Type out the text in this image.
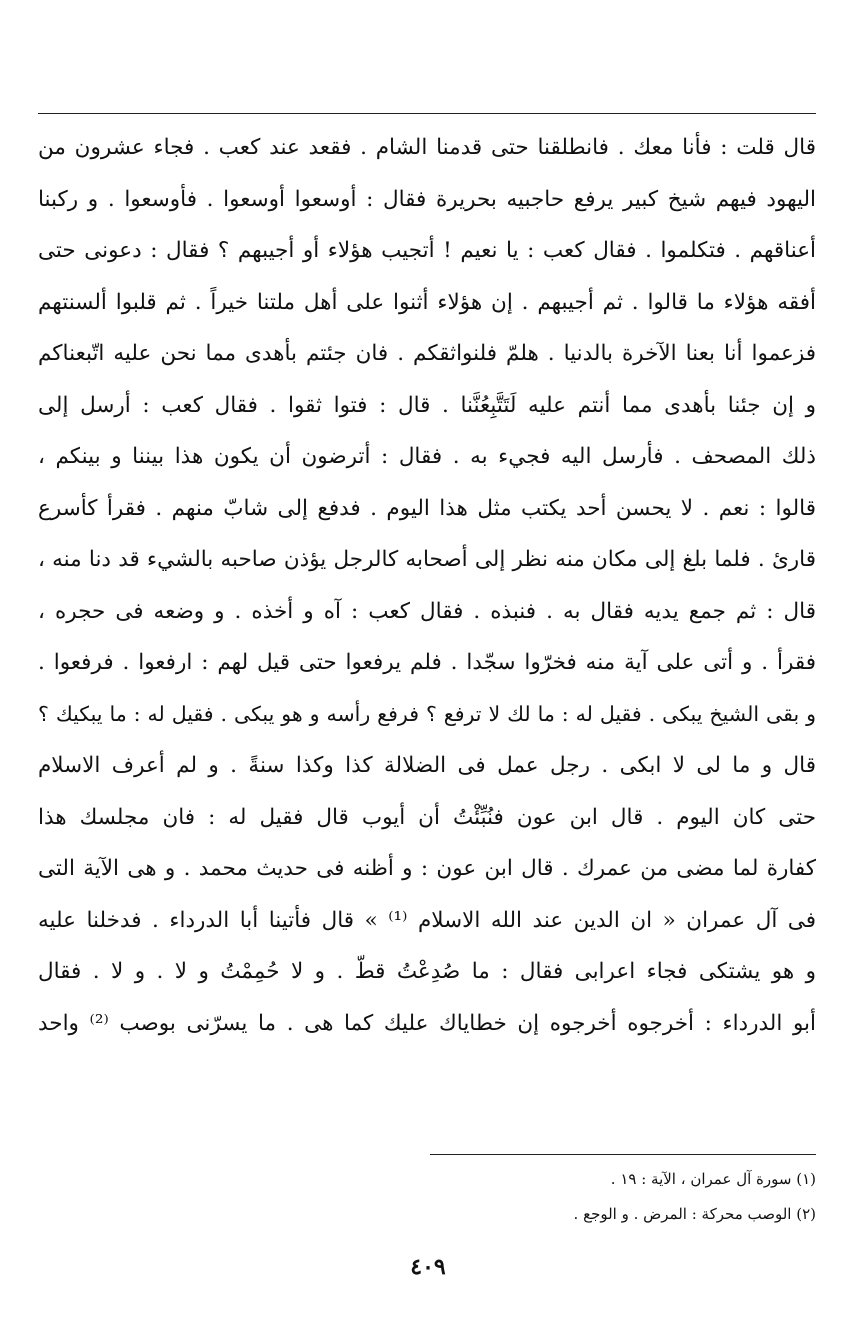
قال قلت : فأنا معك . فانطلقنا حتى قدمنا الشام . فقعد عند كعب . فجاء عشرون من
اليهود فيهم شيخ كبير يرفع حاجبيه بحريرة فقال : أوسعوا أوسعوا . فأوسعوا . و ركبنا
أعناقهم . فتكلموا . فقال كعب : يا نعيم ! أتجيب هؤلاء أو أجيبهم ؟ فقال : دعونى حتى
أفقه هؤلاء ما قالوا . ثم أجيبهم . إن هؤلاء أثنوا على أهل ملتنا خيراً . ثم قلبوا ألسنتهم
فزعموا أنا بعنا الآخرة بالدنيا . هلمّ فلنواثقكم . فان جئتم بأهدى مما نحن عليه اتّبعناكم
و إن جئنا بأهدى مما أنتم عليه لَتَتَّبِعُنَّنا . قال : فتوا ثقوا . فقال كعب : أرسل إلى
ذلك المصحف . فأرسل اليه فجيء به . فقال : أترضون أن يكون هذا بيننا و بينكم ،
قالوا : نعم . لا يحسن أحد يكتب مثل هذا اليوم . فدفع إلى شابّ منهم . فقرأ كأسرع
قارئ . فلما بلغ إلى مكان منه نظر إلى أصحابه كالرجل يؤذن صاحبه بالشيء قد دنا منه ،
قال : ثم جمع يديه فقال به . فنبذه . فقال كعب : آه و أخذه . و وضعه فى حجره ،
فقرأ . و أتى على آية منه فخرّوا سجّدا . فلم يرفعوا حتى قيل لهم : ارفعوا . فرفعوا .
و بقى الشيخ يبكى . فقيل له : ما لك لا ترفع ؟ فرفع رأسه و هو يبكى . فقيل له : ما يبكيك ؟
قال و ما لى لا ابكى . رجل عمل فى الضلالة كذا وكذا سنةً . و لم أعرف الاسلام
حتى كان اليوم . قال ابن عون فنُبِّئْتُ أن أيوب قال فقيل له : فان مجلسك هذا
كفارة لما مضى من عمرك . قال ابن عون : و أظنه فى حديث محمد . و هى الآية التى
فى آل عمران « ان الدين عند الله الاسلام ⁽¹⁾ » قال فأتينا أبا الدرداء . فدخلنا عليه
و هو يشتكى فجاء اعرابى فقال : ما صُدِعْتُ قطّ . و لا حُمِمْتُ و لا . و لا . فقال
أبو الدرداء : أخرجوه أخرجوه إن خطاياك عليك كما هى . ما يسرّنى بوصب ⁽²⁾ واحد
(١) سورة آل عمران ، الآية : ١٩ .
(٢) الوصب محركة : المرض . و الوجع .
٤٠٩
